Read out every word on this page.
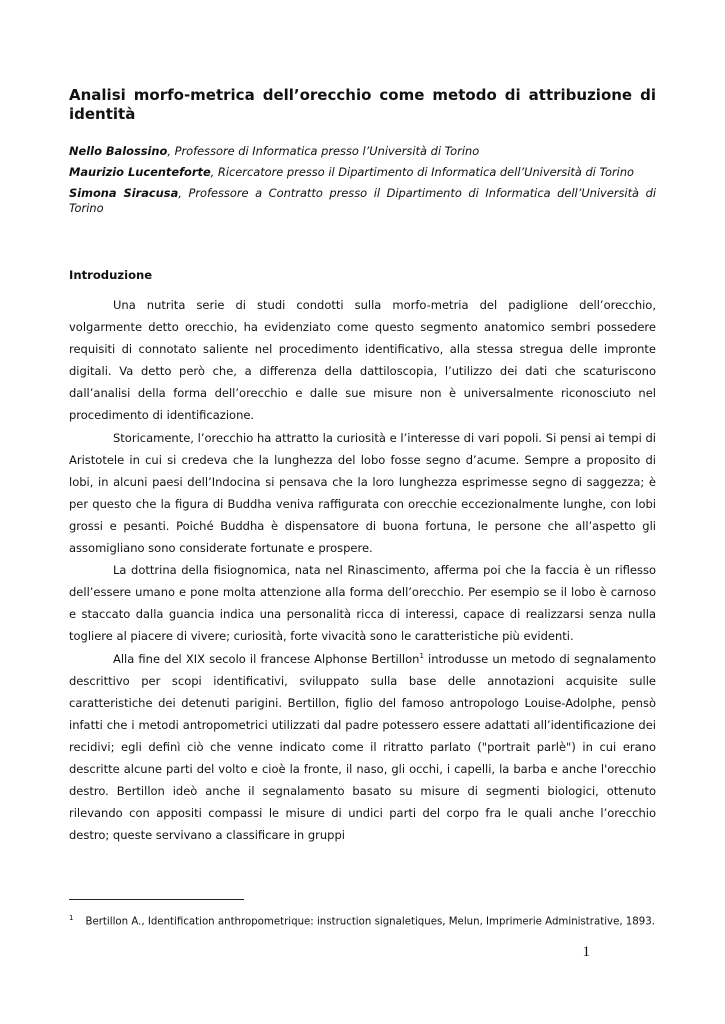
Analisi morfo-metrica dell’orecchio come metodo di attribuzione di identità

Nello Balossino, Professore di Informatica presso l’Università di Torino

Maurizio Lucenteforte, Ricercatore presso il Dipartimento di Informatica dell’Università di Torino

Simona Siracusa, Professore a Contratto presso il Dipartimento di Informatica dell’Università di Torino

Introduzione

Una nutrita serie di studi condotti sulla morfo-metria del padiglione dell’orecchio, volgarmente detto orecchio, ha evidenziato come questo segmento anatomico sembri possedere requisiti di connotato saliente nel procedimento identificativo, alla stessa stregua delle impronte digitali. Va detto però che, a differenza della dattiloscopia, l’utilizzo dei dati che scaturiscono dall’analisi della forma dell’orecchio e dalle sue misure non è universalmente riconosciuto nel procedimento di identificazione.

Storicamente, l’orecchio ha attratto la curiosità e l’interesse di vari popoli. Si pensi ai tempi di Aristotele in cui si credeva che la lunghezza del lobo fosse segno d’acume. Sempre a proposito di lobi, in alcuni paesi dell’Indocina si pensava che la loro lunghezza esprimesse segno di saggezza; è per questo che la figura di Buddha veniva raffigurata con orecchie eccezionalmente lunghe, con lobi grossi e pesanti. Poiché Buddha è dispensatore di buona fortuna, le persone che all’aspetto gli assomigliano sono considerate fortunate e prospere.

La dottrina della fisiognomica, nata nel Rinascimento, afferma poi che la faccia è un riflesso dell’essere umano e pone molta attenzione alla forma dell’orecchio. Per esempio se il lobo è carnoso e staccato dalla guancia indica una personalità ricca di interessi, capace di realizzarsi senza nulla togliere al piacere di vivere; curiosità, forte vivacità sono le caratteristiche più evidenti.

Alla fine del XIX secolo il francese Alphonse Bertillon$^1$ introdusse un metodo di segnalamento descrittivo per scopi identificativi, sviluppato sulla base delle annotazioni acquisite sulle caratteristiche dei detenuti parigini. Bertillon, figlio del famoso antropologo Louise-Adolphe, pensò infatti che i metodi antropometrici utilizzati dal padre potessero essere adattati all’identificazione dei recidivi; egli definì ciò che venne indicato come il ritratto parlato ("portrait parlè") in cui erano descritte alcune parti del volto e cioè la fronte, il naso, gli occhi, i capelli, la barba e anche l'orecchio destro. Bertillon ideò anche il segnalamento basato su misure di segmenti biologici, ottenuto rilevando con appositi compassi le misure di undici parti del corpo fra le quali anche l’orecchio destro; queste servivano a classificare in gruppi

$^1$ Bertillon A., Identification anthropometrique: instruction signaletiques, Melun, Imprimerie Administrative, 1893.

1
